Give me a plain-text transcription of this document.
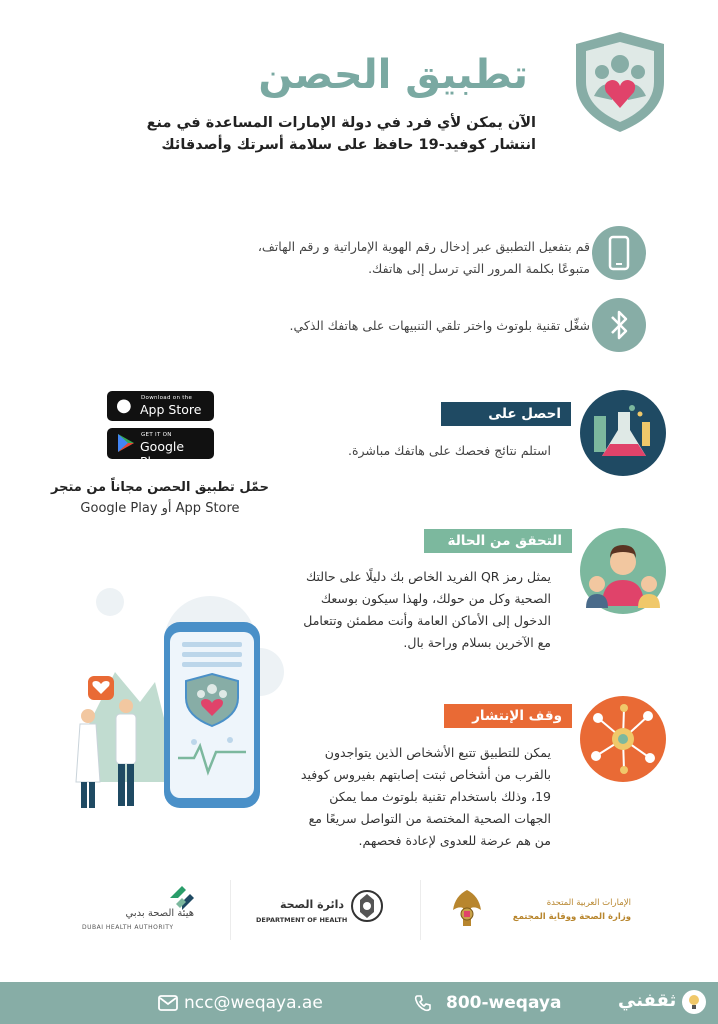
تطبيق الحصن
الآن يمكن لأي فرد في دولة الإمارات المساعدة في منع
انتشار كوفيد-19 حافظ على سلامة أسرتك وأصدقائك
قم بتفعيل التطبيق عبر إدخال رقم الهوية الإماراتية و رقم الهاتف،
متبوعًا بكلمة المرور التي ترسل إلى هاتفك.
شغِّل تقنية بلوتوث واختر تلقي التنبيهات على هاتفك الذكي.
احصل على النتائج
استلم نتائج فحصك على هاتفك مباشرة.
● Download on the
App Store
GET IT ON
Google Play
حمّل تطبيق الحصن مجاناً من متجر
Google Play أو App Store
التحقق من الحالة
يمثل رمز QR الفريد الخاص بك دليلًا على حالتك
الصحية وكل من حولك، ولهذا سيكون بوسعك
الدخول إلى الأماكن العامة وأنت مطمئن وتتعامل
مع الآخرين بسلام وراحة بال.
وقف الإنتشار
يمكن للتطبيق تتبع الأشخاص الذين يتواجدون
بالقرب من أشخاص ثبتت إصابتهم بفيروس كوفيد
19، وذلك باستخدام تقنية بلوتوث مما يمكن
الجهات الصحية المختصة من التواصل سريعًا مع
من هم عرضة للعدوى لإعادة فحصهم.
هيئة الصحة بدبي
DUBAI HEALTH AUTHORITY
دائرة الصحة
DEPARTMENT OF HEALTH
الإمارات العربية المتحدة
وزارة الصحة ووقاية المجتمع
ncc@weqaya.ae	800-weqaya	ثقفني
